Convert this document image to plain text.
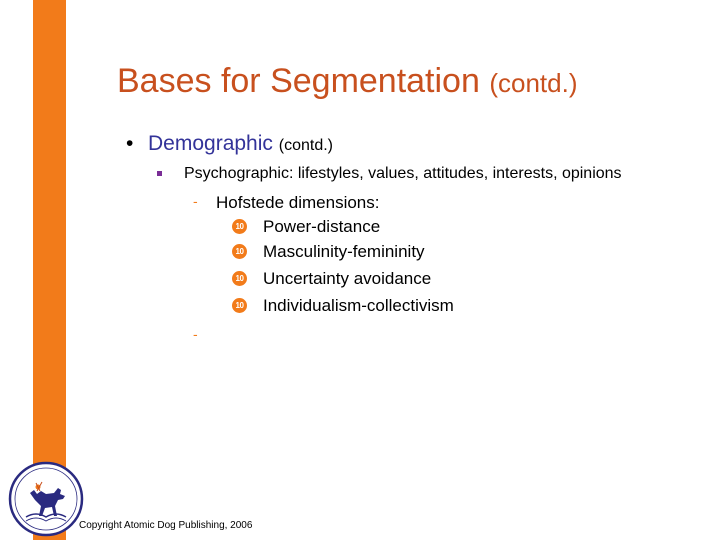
Bases for Segmentation (contd.)
• Demographic (contd.)
Psychographic: lifestyles, values, attitudes, interests, opinions
- Hofstede dimensions:
10 Power-distance
10 Masculinity-femininity
10 Uncertainty avoidance
10 Individualism-collectivism
-
Copyright Atomic Dog Publishing, 2006
